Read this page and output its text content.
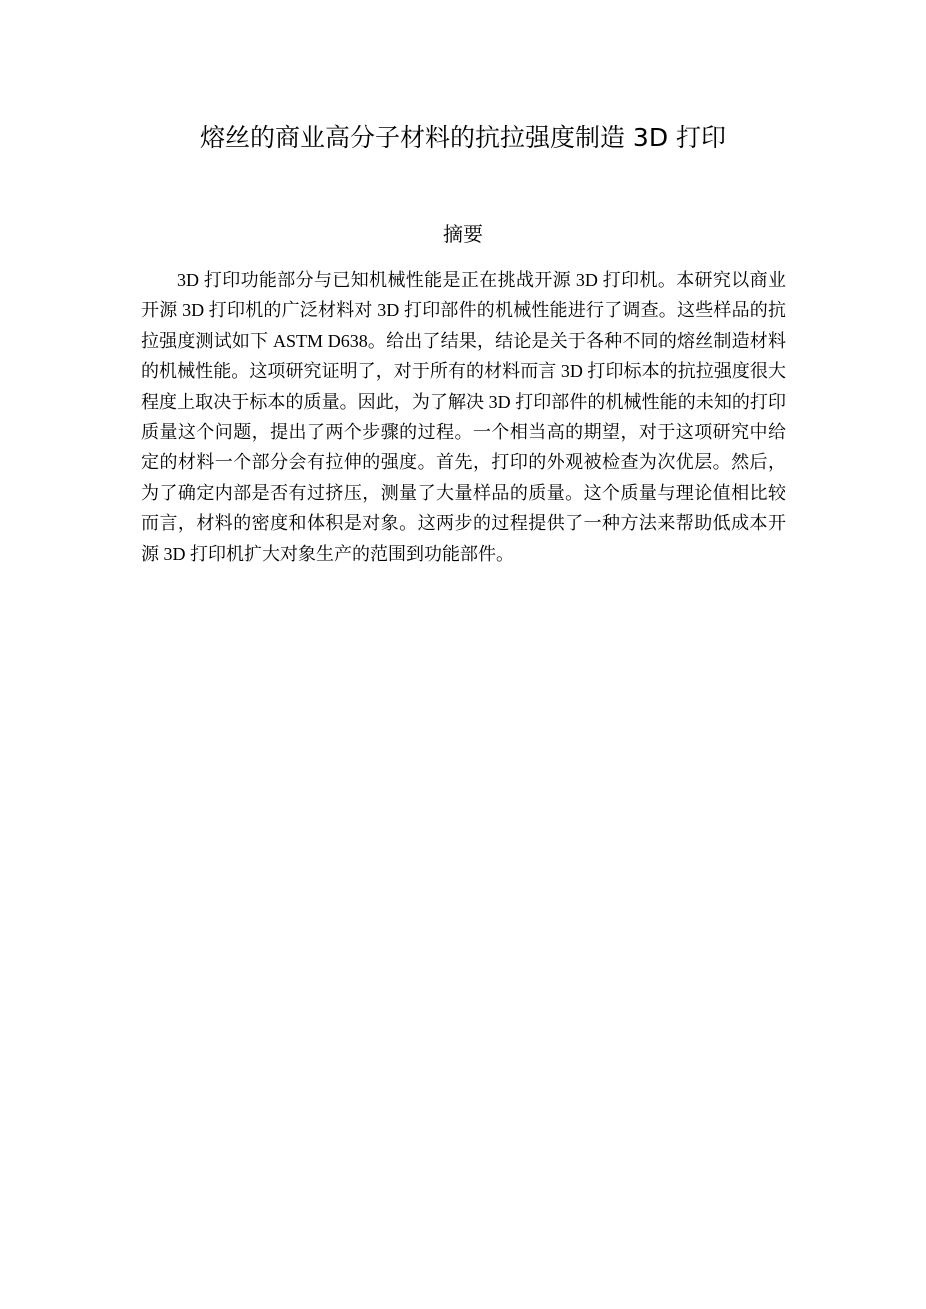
熔丝的商业高分子材料的抗拉强度制造 3D 打印
摘要

3D 打印功能部分与已知机械性能是正在挑战开源 3D 打印机。本研究以商业开源 3D 打印机的广泛材料对 3D 打印部件的机械性能进行了调查。这些样品的抗拉强度测试如下 ASTM D638。给出了结果，结论是关于各种不同的熔丝制造材料的机械性能。这项研究证明了，对于所有的材料而言 3D 打印标本的抗拉强度很大程度上取决于标本的质量。因此，为了解决 3D 打印部件的机械性能的未知的打印质量这个问题，提出了两个步骤的过程。一个相当高的期望，对于这项研究中给定的材料一个部分会有拉伸的强度。首先，打印的外观被检查为次优层。然后，为了确定内部是否有过挤压，测量了大量样品的质量。这个质量与理论值相比较而言，材料的密度和体积是对象。这两步的过程提供了一种方法来帮助低成本开源 3D 打印机扩大对象生产的范围到功能部件。
